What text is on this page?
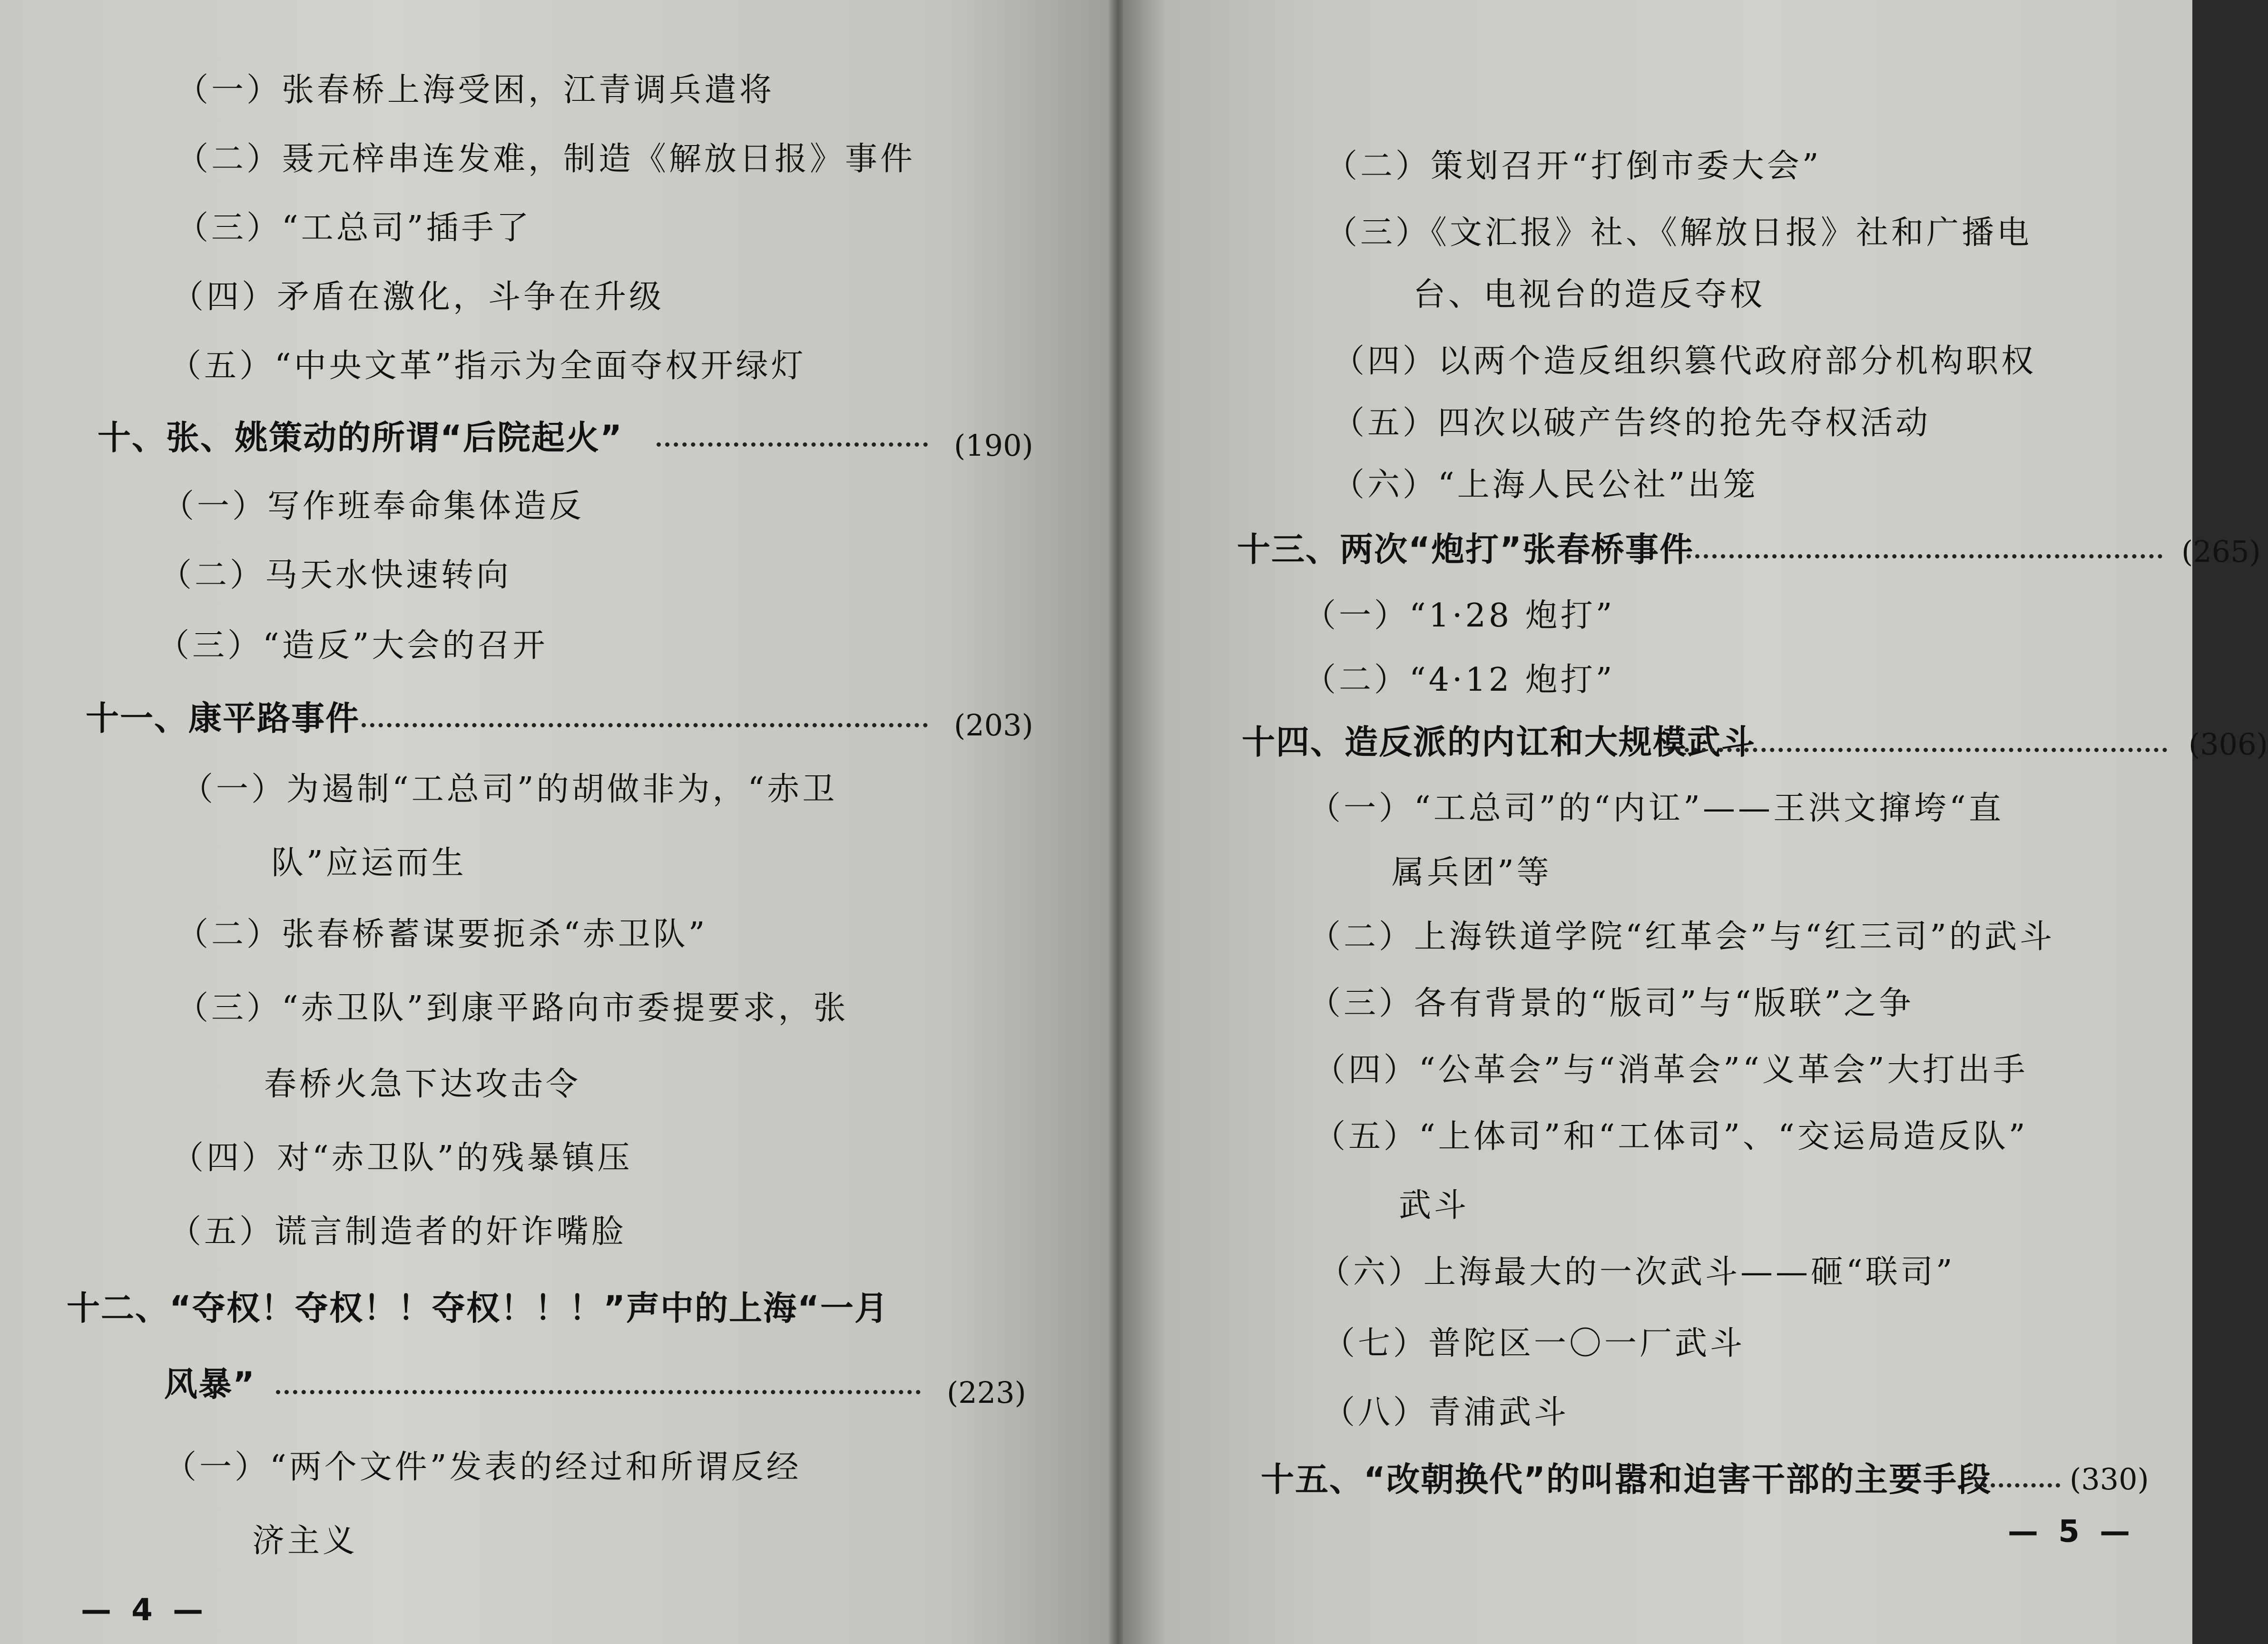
（一）张春桥上海受困，江青调兵遣将
（二）聂元梓串连发难，制造《解放日报》事件
（三）“工总司”插手了
（四）矛盾在激化，斗争在升级
（五）“中央文革”指示为全面夺权开绿灯
十、张、姚策动的所谓“后院起火”	(190)
（一）写作班奉命集体造反
（二）马天水快速转向
（三）“造反”大会的召开
十一、康平路事件	(203)
（一）为遏制“工总司”的胡做非为，“赤卫
队”应运而生
（二）张春桥蓄谋要扼杀“赤卫队”
（三）“赤卫队”到康平路向市委提要求，张
春桥火急下达攻击令
（四）对“赤卫队”的残暴镇压
（五）谎言制造者的奸诈嘴脸
十二、“夺权！夺权！！夺权！！！”声中的上海“一月
风暴”	(223)
（一）“两个文件”发表的经过和所谓反经
济主义
— 4 —
（二）策划召开“打倒市委大会”
（三）《文汇报》社、《解放日报》社和广播电
台、电视台的造反夺权
（四）以两个造反组织篡代政府部分机构职权
（五）四次以破产告终的抢先夺权活动
（六）“上海人民公社”出笼
十三、两次“炮打”张春桥事件	(265)
（一）“1·28 炮打”
（二）“4·12 炮打”
十四、造反派的内讧和大规模武斗	(306)
（一）“工总司”的“内讧”——王洪文撺垮“直
属兵团”等
（二）上海铁道学院“红革会”与“红三司”的武斗
（三）各有背景的“版司”与“版联”之争
（四）“公革会”与“消革会”“义革会”大打出手
（五）“上体司”和“工体司”、“交运局造反队”
武斗
（六）上海最大的一次武斗——砸“联司”
（七）普陀区一〇一厂武斗
（八）青浦武斗
十五、“改朝换代”的叫嚣和迫害干部的主要手段	(330)
— 5 —
